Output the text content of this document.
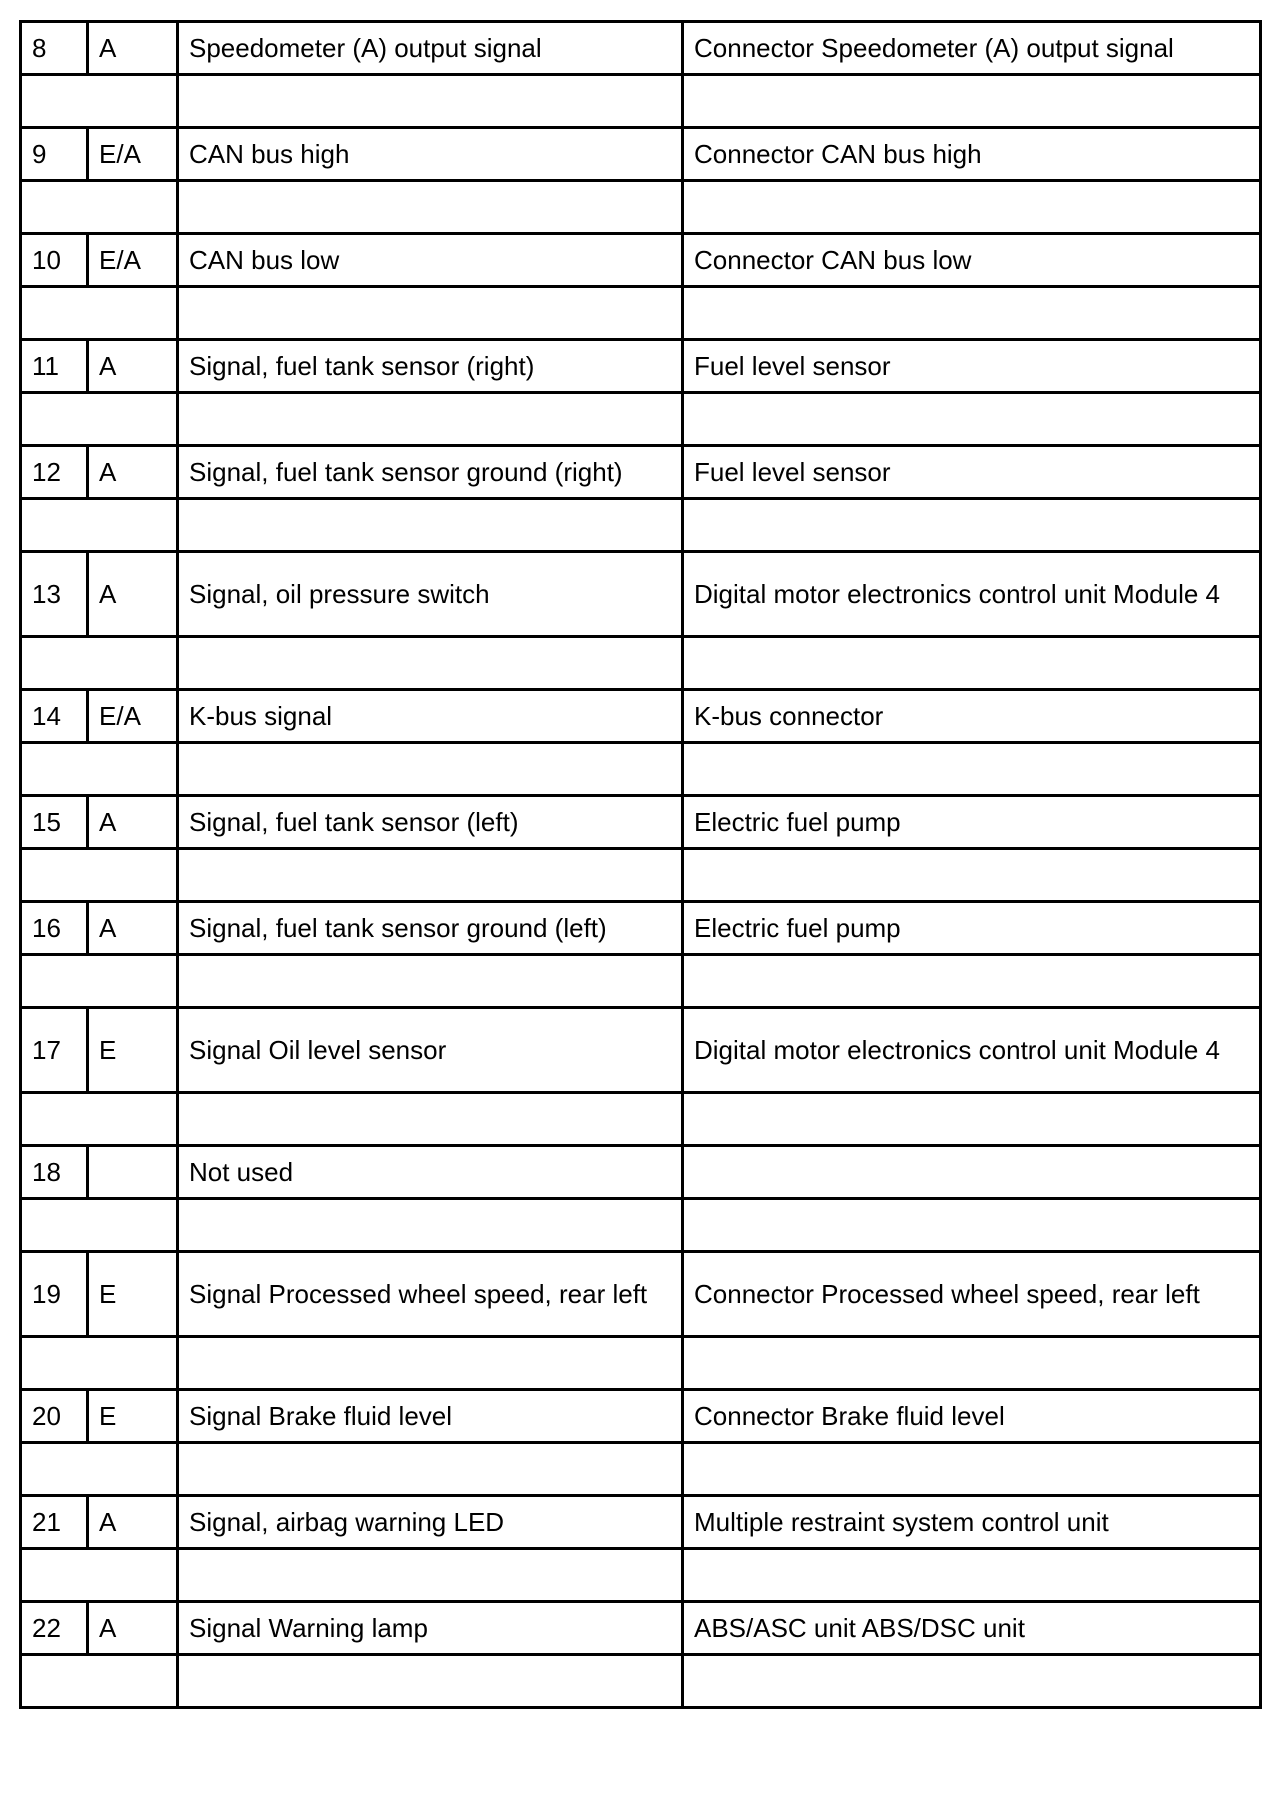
8	A	Speedometer (A) output signal	Connector Speedometer (A) output signal

9	E/A	CAN bus high	Connector CAN bus high

10	E/A	CAN bus low	Connector CAN bus low

11	A	Signal, fuel tank sensor (right)	Fuel level sensor

12	A	Signal, fuel tank sensor ground (right)	Fuel level sensor

13	A	Signal, oil pressure switch	Digital motor electronics control unit Module 4

14	E/A	K-bus signal	K-bus connector

15	A	Signal, fuel tank sensor (left)	Electric fuel pump

16	A	Signal, fuel tank sensor ground (left)	Electric fuel pump

17	E	Signal Oil level sensor	Digital motor electronics control unit Module 4

18		Not used	

19	E	Signal Processed wheel speed, rear left	Connector Processed wheel speed, rear left

20	E	Signal Brake fluid level	Connector Brake fluid level

21	A	Signal, airbag warning LED	Multiple restraint system control unit

22	A	Signal Warning lamp	ABS/ASC unit ABS/DSC unit
